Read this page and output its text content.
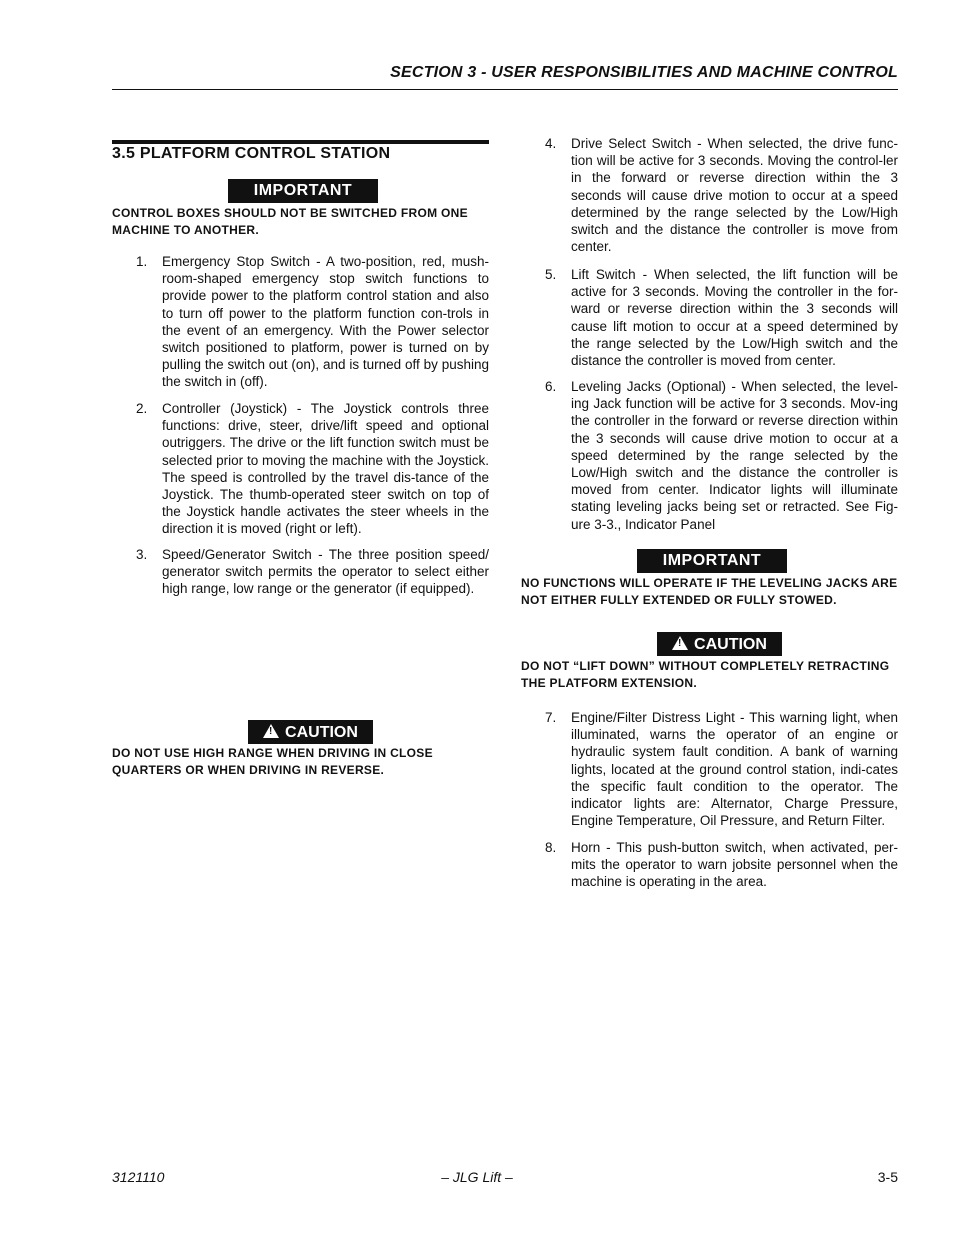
SECTION 3 - USER RESPONSIBILITIES AND MACHINE CONTROL
3.5 PLATFORM CONTROL STATION
IMPORTANT
CONTROL BOXES SHOULD NOT BE SWITCHED FROM ONE MACHINE TO ANOTHER.
1.	Emergency Stop Switch - A two-position, red, mush-room-shaped emergency stop switch functions to provide power to the platform control station and also to turn off power to the platform function con-trols in the event of an emergency. With the Power selector switch positioned to platform, power is turned on by pulling the switch out (on), and is turned off by pushing the switch in (off).
2.	Controller (Joystick) - The Joystick controls three functions: drive, steer, drive/lift speed and optional outriggers. The drive or the lift function switch must be selected prior to moving the machine with the Joystick. The speed is controlled by the travel dis-tance of the Joystick. The thumb-operated steer switch on top of the Joystick handle activates the steer wheels in the direction it is moved (right or left).
3.	Speed/Generator Switch - The three position speed/ generator switch permits the operator to select either high range, low range or the generator (if equipped).
!CAUTION
DO NOT USE HIGH RANGE WHEN DRIVING IN CLOSE QUARTERS OR WHEN DRIVING IN REVERSE.
4.	Drive Select Switch - When selected, the drive func-tion will be active for 3 seconds. Moving the control-ler in the forward or reverse direction within the 3 seconds will cause drive motion to occur at a speed determined by the range selected by the Low/High switch and the distance the controller is move from center.
5.	Lift Switch - When selected, the lift function will be active for 3 seconds. Moving the controller in the for-ward or reverse direction within the 3 seconds will cause lift motion to occur at a speed determined by the range selected by the Low/High switch and the distance the controller is moved from center.
6.	Leveling Jacks (Optional) - When selected, the level-ing Jack function will be active for 3 seconds. Mov-ing the controller in the forward or reverse direction within the 3 seconds will cause drive motion to occur at a speed determined by the range selected by the Low/High switch and the distance the controller is moved from center. Indicator lights will illuminate stating leveling jacks being set or retracted. See Fig-ure 3-3., Indicator Panel
IMPORTANT
NO FUNCTIONS WILL OPERATE IF THE LEVELING JACKS ARE NOT EITHER FULLY EXTENDED OR FULLY STOWED.
!CAUTION
DO NOT “LIFT DOWN” WITHOUT COMPLETELY RETRACTING THE PLATFORM EXTENSION.
7.	Engine/Filter Distress Light - This warning light, when illuminated, warns the operator of an engine or hydraulic system fault condition. A bank of warning lights, located at the ground control station, indi-cates the specific fault condition to the operator. The indicator lights are: Alternator, Charge Pressure, Engine Temperature, Oil Pressure, and Return Filter.
8.	Horn - This push-button switch, when activated, per-mits the operator to warn jobsite personnel when the machine is operating in the area.
3121110	– JLG Lift –	3-5
